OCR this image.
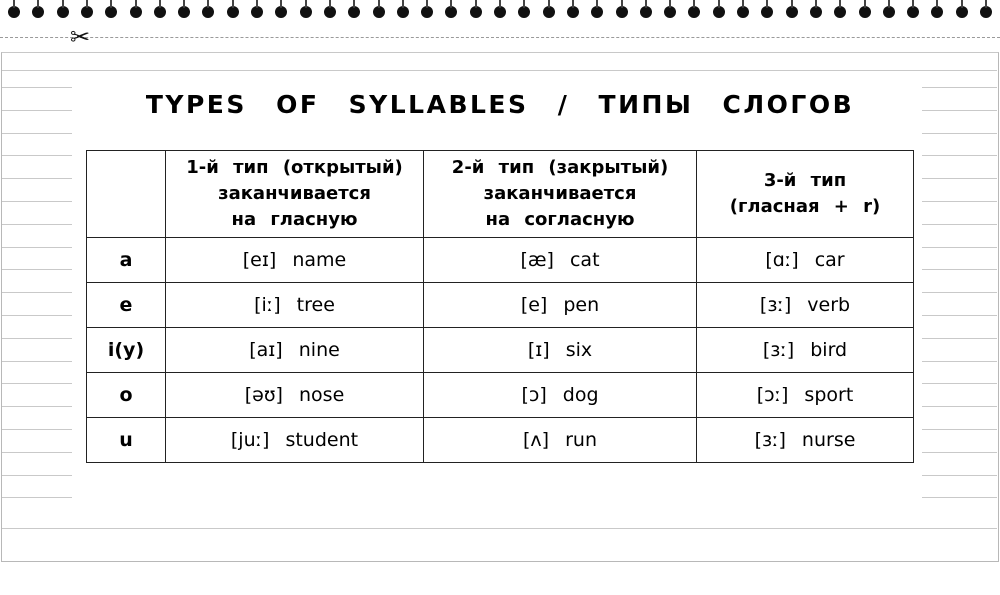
✂
TYPES OF SYLLABLES / ТИПЫ СЛОГОВ

	1-й тип (открытый)
заканчивается
на гласную	2-й тип (закрытый)
заканчивается
на согласную	3-й тип
(гласная + r)

a	[eɪ] name	[æ] cat	[ɑː] car
e	[iː] tree	[e] pen	[ɜː] verb
i(y)	[aɪ] nine	[ɪ] six	[ɜː] bird
o	[əʊ] nose	[ɔ] dog	[ɔː] sport
u	[juː] student	[ʌ] run	[ɜː] nurse
